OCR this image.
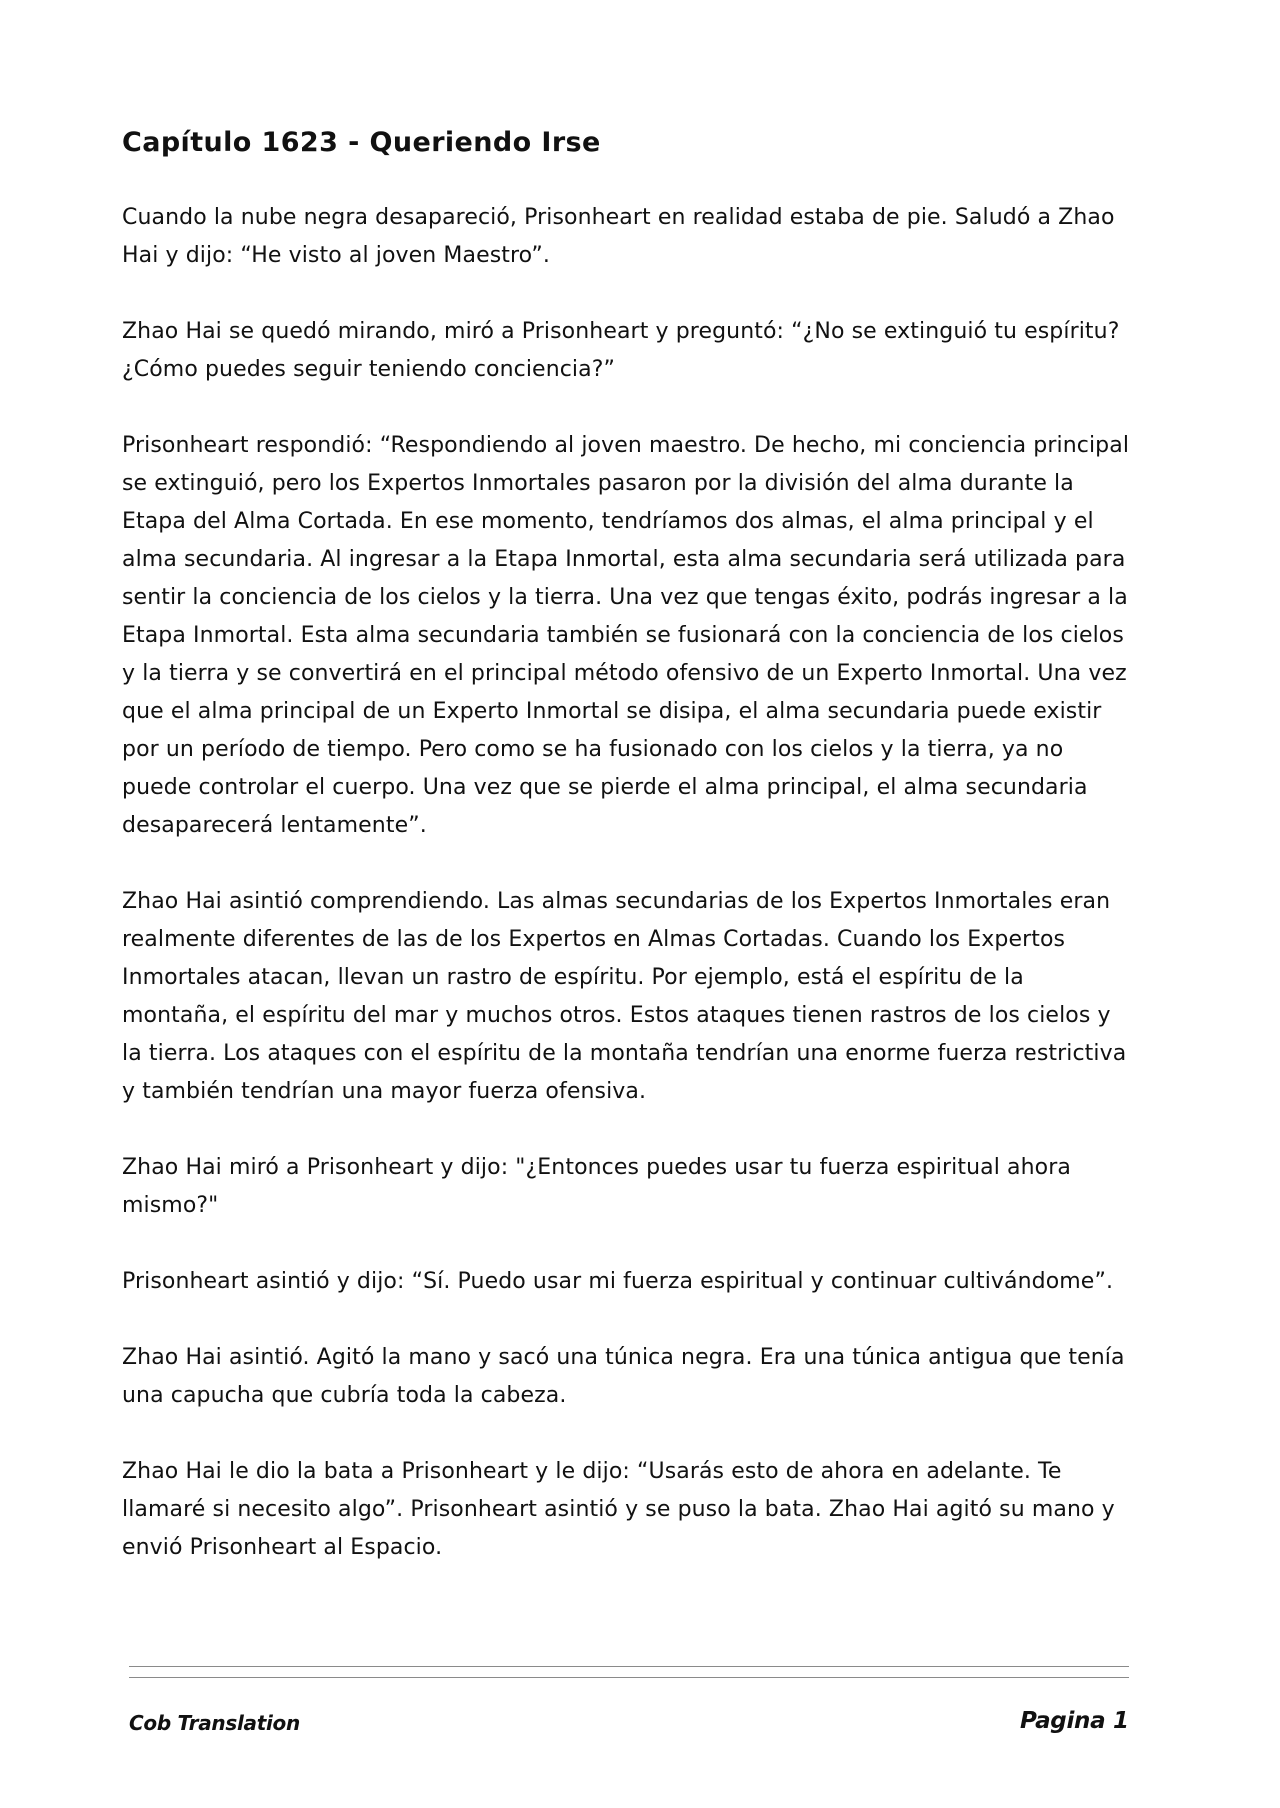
Capítulo 1623 - Queriendo Irse

Cuando la nube negra desapareció, Prisonheart en realidad estaba de pie. Saludó a Zhao Hai y dijo: “He visto al joven Maestro”.

Zhao Hai se quedó mirando, miró a Prisonheart y preguntó: “¿No se extinguió tu espíritu? ¿Cómo puedes seguir teniendo conciencia?”

Prisonheart respondió: “Respondiendo al joven maestro. De hecho, mi conciencia principal se extinguió, pero los Expertos Inmortales pasaron por la división del alma durante la Etapa del Alma Cortada. En ese momento, tendríamos dos almas, el alma principal y el alma secundaria. Al ingresar a la Etapa Inmortal, esta alma secundaria será utilizada para sentir la conciencia de los cielos y la tierra. Una vez que tengas éxito, podrás ingresar a la Etapa Inmortal. Esta alma secundaria también se fusionará con la conciencia de los cielos y la tierra y se convertirá en el principal método ofensivo de un Experto Inmortal. Una vez que el alma principal de un Experto Inmortal se disipa, el alma secundaria puede existir por un período de tiempo. Pero como se ha fusionado con los cielos y la tierra, ya no puede controlar el cuerpo. Una vez que se pierde el alma principal, el alma secundaria desaparecerá lentamente”.

Zhao Hai asintió comprendiendo. Las almas secundarias de los Expertos Inmortales eran realmente diferentes de las de los Expertos en Almas Cortadas. Cuando los Expertos Inmortales atacan, llevan un rastro de espíritu. Por ejemplo, está el espíritu de la montaña, el espíritu del mar y muchos otros. Estos ataques tienen rastros de los cielos y la tierra. Los ataques con el espíritu de la montaña tendrían una enorme fuerza restrictiva y también tendrían una mayor fuerza ofensiva.

Zhao Hai miró a Prisonheart y dijo: "¿Entonces puedes usar tu fuerza espiritual ahora mismo?"

Prisonheart asintió y dijo: “Sí. Puedo usar mi fuerza espiritual y continuar cultivándome”.

Zhao Hai asintió. Agitó la mano y sacó una túnica negra. Era una túnica antigua que tenía una capucha que cubría toda la cabeza.

Zhao Hai le dio la bata a Prisonheart y le dijo: “Usarás esto de ahora en adelante. Te llamaré si necesito algo”. Prisonheart asintió y se puso la bata. Zhao Hai agitó su mano y envió Prisonheart al Espacio.

Cob Translation	Pagina 1
